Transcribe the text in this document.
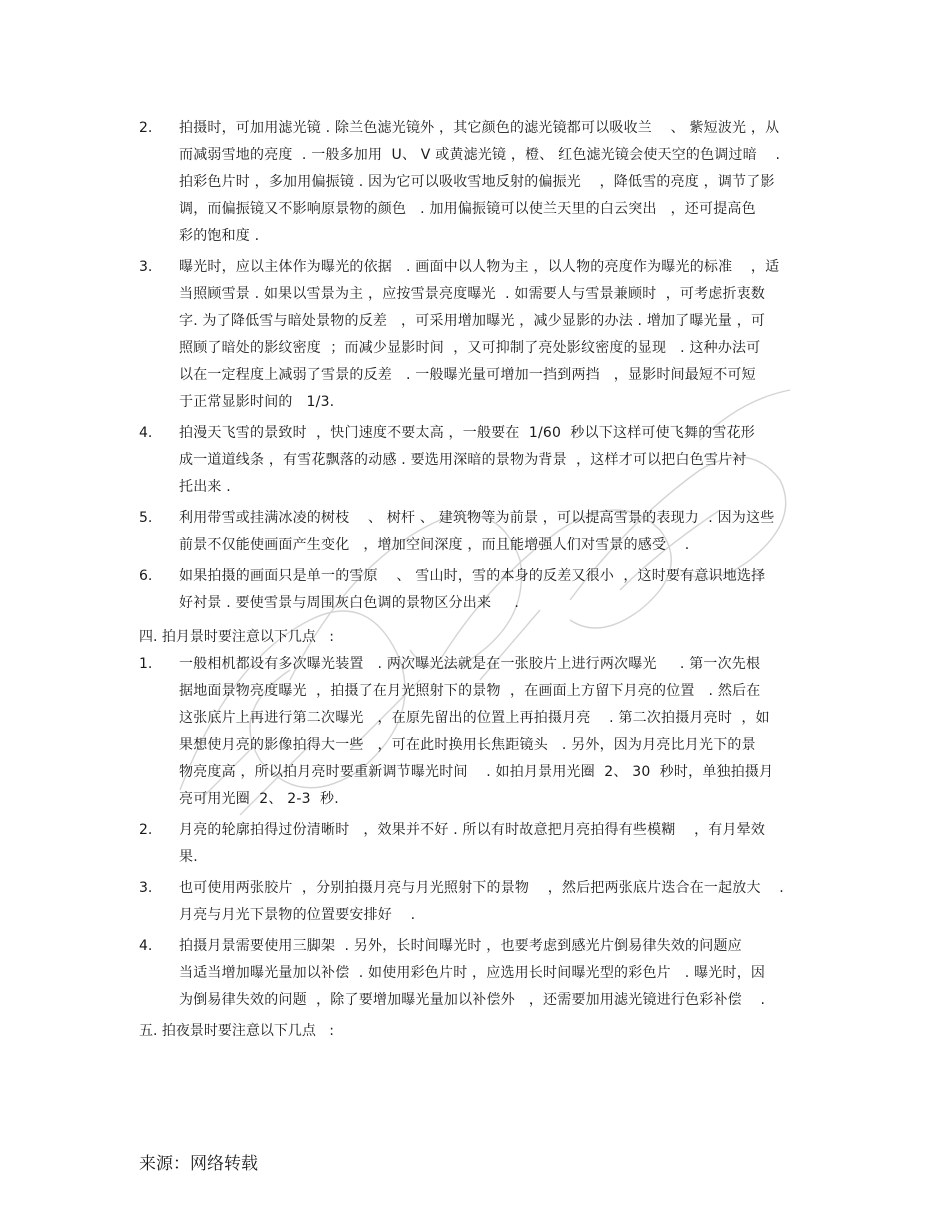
2. 拍摄时，可加用滤光镜 . 除兰色滤光镜外 ，其它颜色的滤光镜都可以吸收兰    、 紫短波光 ，从
而减弱雪地的亮度  . 一般多加用  U、 V 或黄滤光镜 ，橙、 红色滤光镜会使天空的色调过暗    .
拍彩色片时 ，多加用偏振镜 . 因为它可以吸收雪地反射的偏振光    ，降低雪的亮度 ，调节了影
调，而偏振镜又不影响原景物的颜色   . 加用偏振镜可以使兰天里的白云突出   ，还可提高色
彩的饱和度 .
3. 曝光时，应以主体作为曝光的依据   . 画面中以人物为主 ，以人物的亮度作为曝光的标准    ，适
当照顾雪景 . 如果以雪景为主 ，应按雪景亮度曝光  . 如需要人与雪景兼顾时  ，可考虑折衷数
字. 为了降低雪与暗处景物的反差   ，可采用增加曝光 ，减少显影的办法 . 增加了曝光量 ，可
照顾了暗处的影纹密度  ；而减少显影时间  ，又可抑制了亮处影纹密度的显现   . 这种办法可
以在一定程度上减弱了雪景的反差   . 一般曝光量可增加一挡到两挡   ，显影时间最短不可短
于正常显影时间的   1/3.
4. 拍漫天飞雪的景致时  ，快门速度不要太高 ，一般要在  1/60  秒以下这样可使飞舞的雪花形
成一道道线条 ，有雪花飘落的动感 . 要选用深暗的景物为背景  ，这样才可以把白色雪片衬
托出来 .
5. 利用带雪或挂满冰凌的树枝    、 树杆 、 建筑物等为前景 ，可以提高雪景的表现力  . 因为这些
前景不仅能使画面产生变化   ，增加空间深度 ，而且能增强人们对雪景的感受    .
6. 如果拍摄的画面只是单一的雪原    、 雪山时，雪的本身的反差又很小  ，这时要有意识地选择
好衬景 . 要使雪景与周围灰白色调的景物区分出来     .
四. 拍月景时要注意以下几点   :
1. 一般相机都设有多次曝光装置   . 两次曝光法就是在一张胶片上进行两次曝光     . 第一次先根
据地面景物亮度曝光  ，拍摄了在月光照射下的景物  ，在画面上方留下月亮的位置   . 然后在
这张底片上再进行第二次曝光   ，在原先留出的位置上再拍摄月亮    . 第二次拍摄月亮时  ，如
果想使月亮的影像拍得大一些   ，可在此时换用长焦距镜头   . 另外，因为月亮比月光下的景
物亮度高 ，所以拍月亮时要重新调节曝光时间    . 如拍月景用光圈  2、 30  秒时，单独拍摄月
亮可用光圈  2、 2-3  秒.
2. 月亮的轮廓拍得过份清晰时   ，效果并不好 . 所以有时故意把月亮拍得有些模糊    ，有月晕效
果.
3. 也可使用两张胶片  ，分别拍摄月亮与月光照射下的景物    ，然后把两张底片迭合在一起放大    .
月亮与月光下景物的位置要安排好    .
4. 拍摄月景需要使用三脚架  . 另外，长时间曝光时 ，也要考虑到感光片倒易律失效的问题应
当适当增加曝光量加以补偿  . 如使用彩色片时 ，应选用长时间曝光型的彩色片   . 曝光时，因
为倒易律失效的问题  ，除了要增加曝光量加以补偿外   ，还需要加用滤光镜进行色彩补偿    .
五. 拍夜景时要注意以下几点   :
来源：网络转载
